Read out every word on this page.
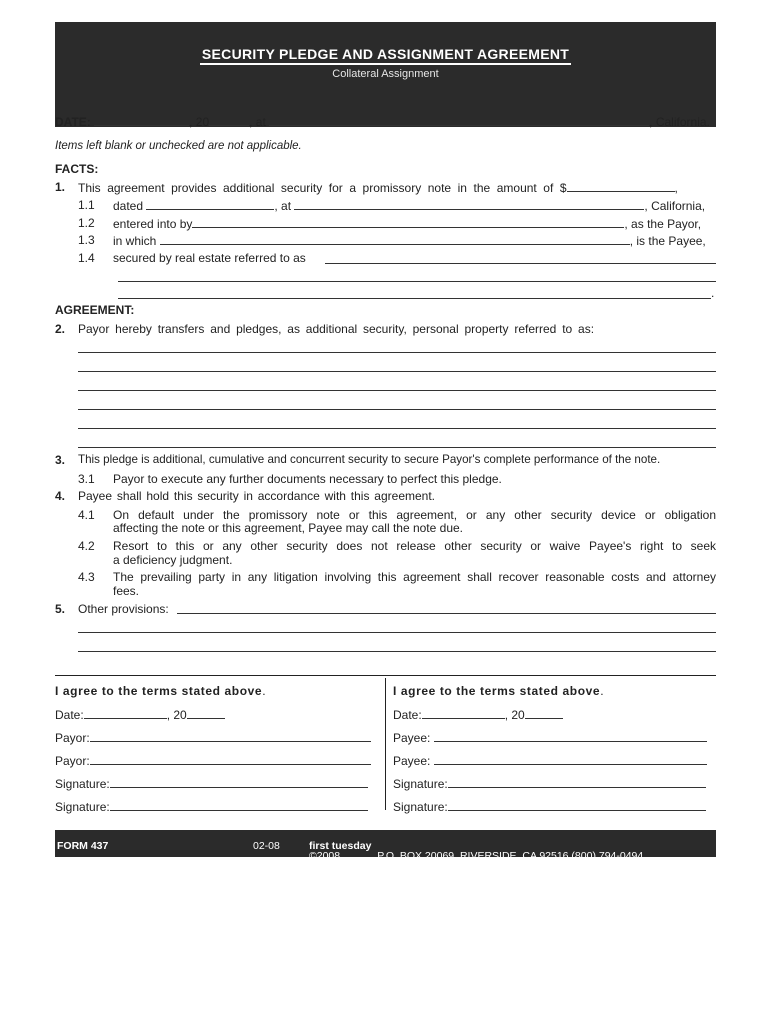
SECURITY PLEDGE AND ASSIGNMENT AGREEMENT
Collateral Assignment
DATE:	, 20	, at	, California.
Items left blank or unchecked are not applicable.
FACTS:
1. This agreement provides additional security for a promissory note in the amount of $	,
1.1 dated	, at	, California,
1.2 entered into by	, as the Payor,
1.3 in which	, is the Payee,
1.4 secured by real estate referred to as
.
AGREEMENT:
2. Payor hereby transfers and pledges, as additional security, personal property referred to as:
3. This pledge is additional, cumulative and concurrent security to secure Payor's complete performance of the note.
3.1 Payor to execute any further documents necessary to perfect this pledge.
4. Payee shall hold this security in accordance with this agreement.
4.1 On default under the promissory note or this agreement, or any other security device or obligation
affecting the note or this agreement, Payee may call the note due.
4.2 Resort to this or any other security does not release other security or waive Payee's right to seek
a deficiency judgment.
4.3 The prevailing party in any litigation involving this agreement shall recover reasonable costs and attorney
fees.
5. Other provisions:
I agree to the terms stated above.	I agree to the terms stated above.
Date:	, 20	Date:	, 20
Payor:	Payee:
Payor:	Payee:
Signature:	Signature:
Signature:	Signature:
FORM 437	02-08
©2008
first tuesday
, P.O. BOX 20069, RIVERSIDE, CA 92516 (800) 794-0494
